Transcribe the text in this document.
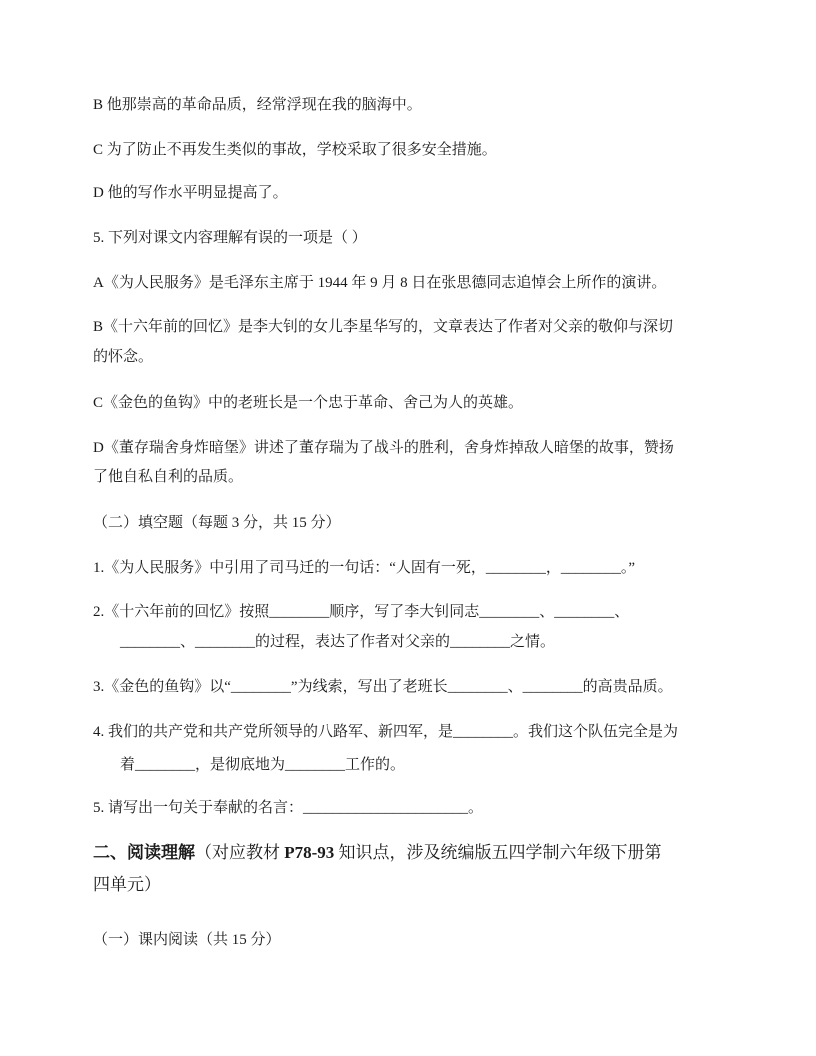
B 他那崇高的革命品质，经常浮现在我的脑海中。
C 为了防止不再发生类似的事故，学校采取了很多安全措施。
D 他的写作水平明显提高了。
5. 下列对课文内容理解有误的一项是（ ）
A《为人民服务》是毛泽东主席于 1944 年 9 月 8 日在张思德同志追悼会上所作的演讲。
B《十六年前的回忆》是李大钊的女儿李星华写的，文章表达了作者对父亲的敬仰与深切
的怀念。
C《金色的鱼钩》中的老班长是一个忠于革命、舍己为人的英雄。
D《董存瑞舍身炸暗堡》讲述了董存瑞为了战斗的胜利，舍身炸掉敌人暗堡的故事，赞扬
了他自私自利的品质。
（二）填空题（每题 3 分，共 15 分）
1.《为人民服务》中引用了司马迁的一句话：“人固有一死，________，________。”
2.《十六年前的回忆》按照________顺序，写了李大钊同志________、________、
________、________的过程，表达了作者对父亲的________之情。
3.《金色的鱼钩》以“________”为线索，写出了老班长________、________的高贵品质。
4. 我们的共产党和共产党所领导的八路军、新四军，是________。我们这个队伍完全是为
着________，是彻底地为________工作的。
5. 请写出一句关于奉献的名言：______________________。
二、阅读理解（对应教材 P78-93 知识点，涉及统编版五四学制六年级下册第
四单元）
（一）课内阅读（共 15 分）
